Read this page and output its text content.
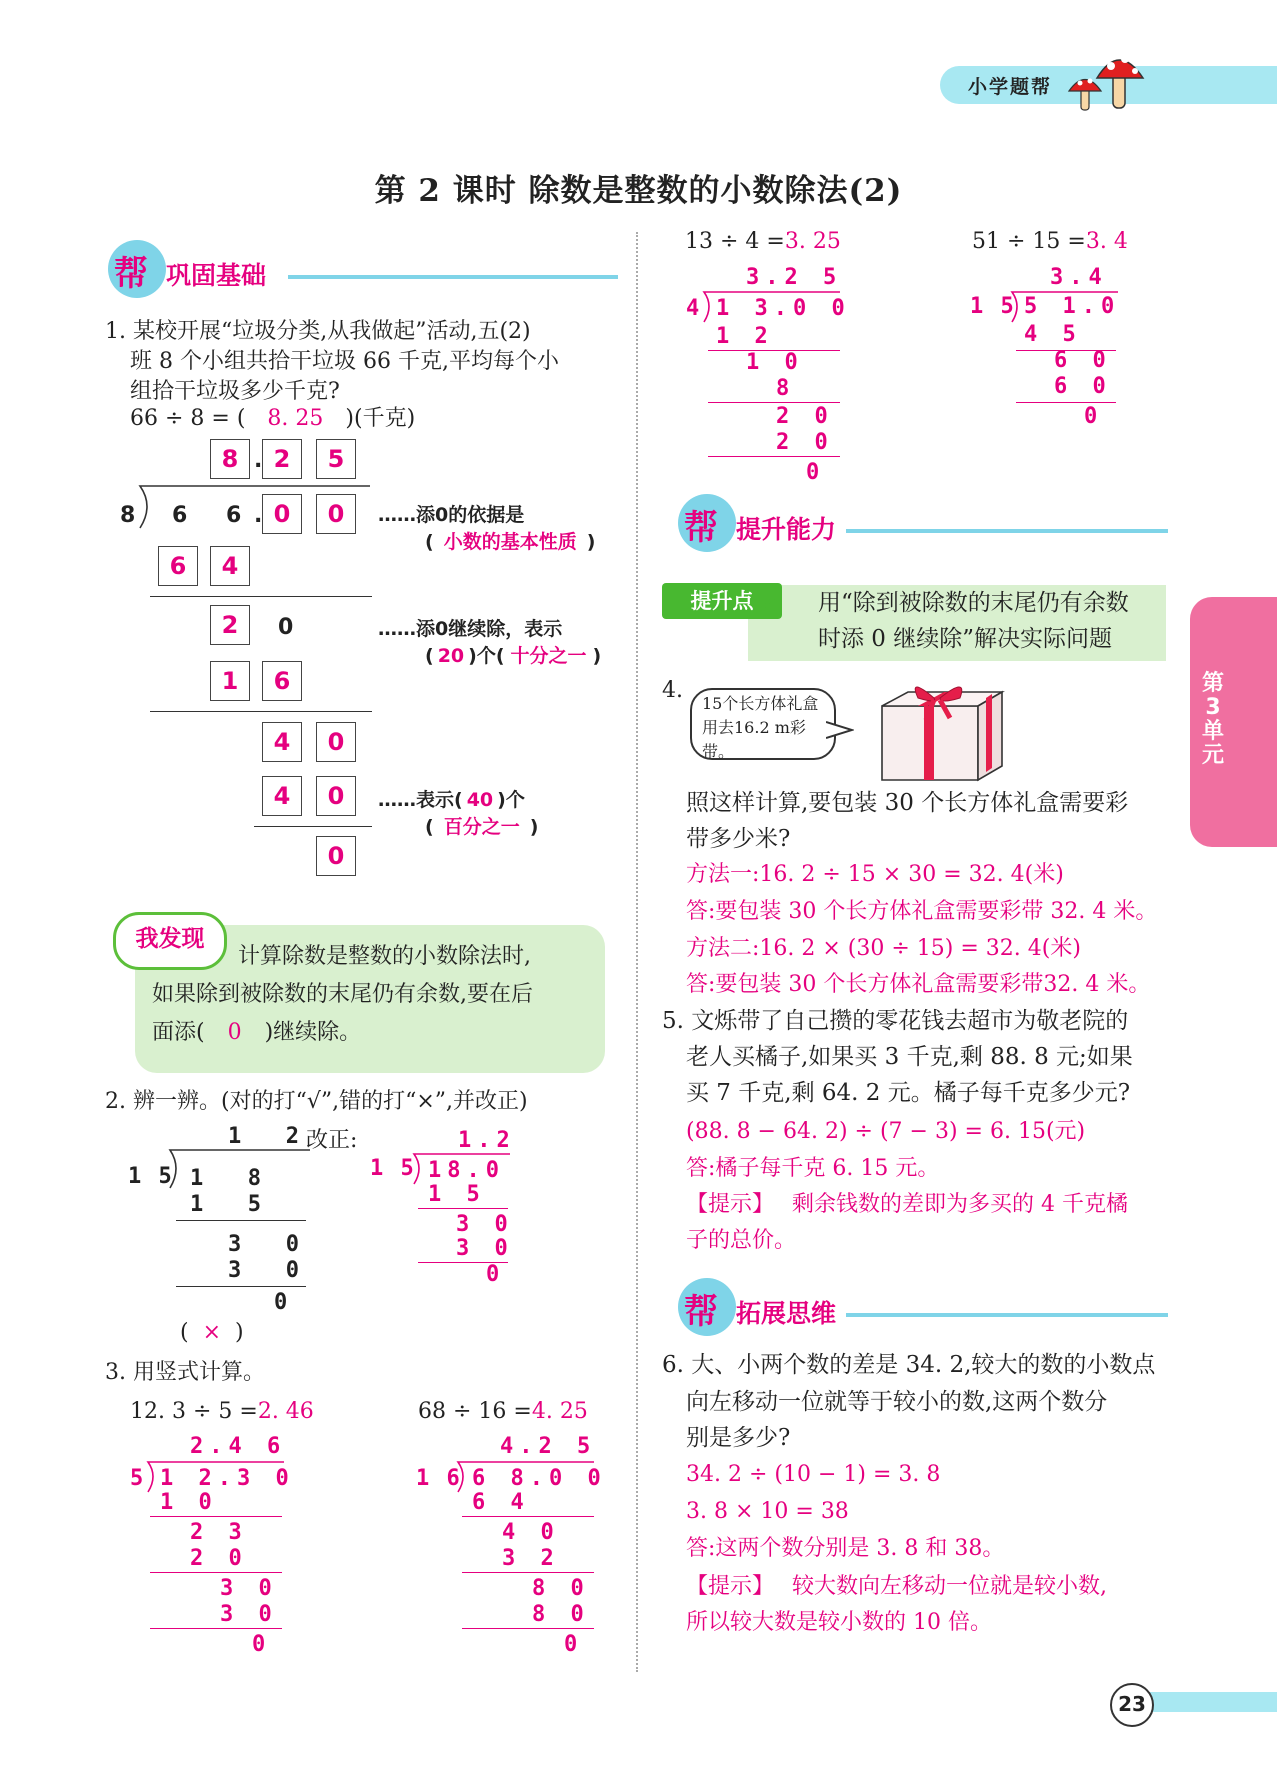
小学题帮
第 2 课时 除数是整数的小数除法(2)
帮 巩固基础
1. 某校开展“垃圾分类,从我做起”活动,五(2)
班 8 个小组共拾干垃圾 66 千克,平均每个小
组拾干垃圾多少千克?
66 ÷ 8 = ( 8. 25 )(千克)
8 . 2	5
8 6 6 . 0	0
6	4
2	0
1	6
4	0
4	0
0
……添0的依据是
( 小数的基本性质 )
……添0继续除，表示
( 20 )个( 十分之一 )
……表示( 40 )个
( 百分之一 )
我发现
计算除数是整数的小数除法时,
如果除到被除数的末尾仍有余数,要在后
面添( 0 )继续除。
2. 辨一辨。(对的打“√”,错的打“×”,并改正)
1  2 改正:
1 5 1  8
1  5
3  0
3  0
0
( × )
1.2
1 5 18.0
1 5
3 0
3 0
0
3. 用竖式计算。
12. 3 ÷ 5 =2. 46
2.4 6
5 1 2.3 0
1 0
2 3
2 0
3 0
3 0
0
68 ÷ 16 =4. 25
4.2 5
1 6 6 8.0 0
6 4
4 0
3 2
8 0
8 0
0
13 ÷ 4 =3. 25
3.2 5
4 1 3.0 0
1 2
1 0
8
2 0
2 0
0
51 ÷ 15 =3. 4
3.4
1 5 5 1.0
4 5
6 0
6 0
0
帮 提升能力
提升点	用“除到被除数的末尾仍有余数
时添 0 继续除”解决实际问题
第3单元
4.
15个长方体礼盒用去16.2 m彩带。
照这样计算,要包装 30 个长方体礼盒需要彩
带多少米?
方法一:16. 2 ÷ 15 × 30 = 32. 4(米)
答:要包装 30 个长方体礼盒需要彩带 32. 4 米。
方法二:16. 2 × (30 ÷ 15) = 32. 4(米)
答:要包装 30 个长方体礼盒需要彩带32. 4 米。
5. 文烁带了自己攒的零花钱去超市为敬老院的
老人买橘子,如果买 3 千克,剩 88. 8 元;如果
买 7 千克,剩 64. 2 元。橘子每千克多少元?
(88. 8 − 64. 2) ÷ (7 − 3) = 6. 15(元)
答:橘子每千克 6. 15 元。
【提示】 剩余钱数的差即为多买的 4 千克橘
子的总价。
帮 拓展思维
6. 大、小两个数的差是 34. 2,较大的数的小数点
向左移动一位就等于较小的数,这两个数分
别是多少?
34. 2 ÷ (10 − 1) = 3. 8
3. 8 × 10 = 38
答:这两个数分别是 3. 8 和 38。
【提示】 较大数向左移动一位就是较小数,
所以较大数是较小数的 10 倍。
23
